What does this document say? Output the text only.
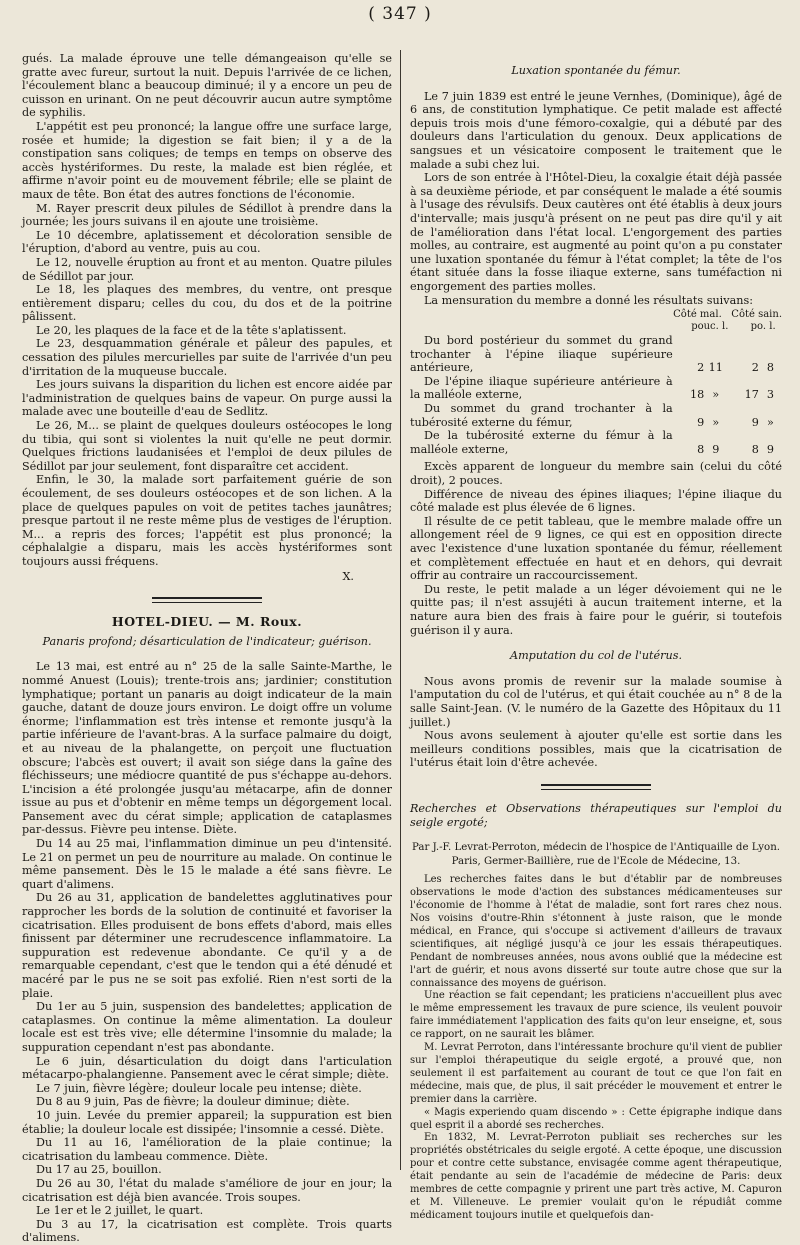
( 347 )

gués. La malade éprouve une telle démangeaison qu'elle se gratte avec fureur, surtout la nuit. Depuis l'arrivée de ce lichen, l'écoulement blanc a beaucoup diminué; il y a encore un peu de cuisson en urinant. On ne peut découvrir aucun autre symptôme de syphilis.

L'appétit est peu prononcé; la langue offre une surface large, rosée et humide; la digestion se fait bien; il y a de la constipation sans coliques; de temps en temps on observe des accès hystériformes. Du reste, la malade est bien réglée, et affirme n'avoir point eu de mouvement fébrile; elle se plaint de maux de tête. Bon état des autres fonctions de l'économie.

M. Rayer prescrit deux pilules de Sédillot à prendre dans la journée; les jours suivans il en ajoute une troisième.

Le 10 décembre, aplatissement et décoloration sensible de l'éruption, d'abord au ventre, puis au cou.

Le 12, nouvelle éruption au front et au menton. Quatre pilules de Sédillot par jour.

Le 18, les plaques des membres, du ventre, ont presque entièrement disparu; celles du cou, du dos et de la poitrine pâlissent.

Le 20, les plaques de la face et de la tête s'aplatissent.

Le 23, desquammation générale et pâleur des papules, et cessation des pilules mercurielles par suite de l'arrivée d'un peu d'irritation de la muqueuse buccale.

Les jours suivans la disparition du lichen est encore aidée par l'administration de quelques bains de vapeur. On purge aussi la malade avec une bouteille d'eau de Sedlitz.

Le 26, M... se plaint de quelques douleurs ostéocopes le long du tibia, qui sont si violentes la nuit qu'elle ne peut dormir. Quelques frictions laudanisées et l'emploi de deux pilules de Sédillot par jour seulement, font disparaître cet accident.

Enfin, le 30, la malade sort parfaitement guérie de son écoulement, de ses douleurs ostéocopes et de son lichen. A la place de quelques papules on voit de petites taches jaunâtres; presque partout il ne reste même plus de vestiges de l'éruption. M... a repris des forces; l'appétit est plus prononcé; la céphalalgie a disparu, mais les accès hystériformes sont toujours aussi fréquens.

X.
HOTEL-DIEU. — M. Roux.
Panaris profond; désarticulation de l'indicateur; guérison.

Le 13 mai, est entré au n° 25 de la salle Sainte-Marthe, le nommé Anuest (Louis); trente-trois ans; jardinier; constitution lymphatique; portant un panaris au doigt indicateur de la main gauche, datant de douze jours environ. Le doigt offre un volume énorme; l'inflammation est très intense et remonte jusqu'à la partie inférieure de l'avant-bras. A la surface palmaire du doigt, et au niveau de la phalangette, on perçoit une fluctuation obscure; l'abcès est ouvert; il avait son siége dans la gaîne des fléchisseurs; une médiocre quantité de pus s'échappe au-dehors. L'incision a été prolongée jusqu'au métacarpe, afin de donner issue au pus et d'obtenir en même temps un dégorgement local. Pansement avec du cérat simple; application de cataplasmes par-dessus. Fièvre peu intense. Diète.

Du 14 au 25 mai, l'inflammation diminue un peu d'intensité. Le 21 on permet un peu de nourriture au malade. On continue le même pansement. Dès le 15 le malade a été sans fièvre. Le quart d'alimens.

Du 26 au 31, application de bandelettes agglutinatives pour rapprocher les bords de la solution de continuité et favoriser la cicatrisation. Elles produisent de bons effets d'abord, mais elles finissent par déterminer une recrudescence inflammatoire. La suppuration est redevenue abondante. Ce qu'il y a de remarquable cependant, c'est que le tendon qui a été dénudé et macéré par le pus ne se soit pas exfolié. Rien n'est sorti de la plaie.

Du 1er au 5 juin, suspension des bandelettes; application de cataplasmes. On continue la même alimentation. La douleur locale est est très vive; elle détermine l'insomnie du malade; la suppuration cependant n'est pas abondante.

Le 6 juin, désarticulation du doigt dans l'articulation métacarpo-phalangienne. Pansement avec le cérat simple; diète.

Le 7 juin, fièvre légère; douleur locale peu intense; diète.

Du 8 au 9 juin, Pas de fièvre; la douleur diminue; diète.

10 juin. Levée du premier appareil; la suppuration est bien établie; la douleur locale est dissipée; l'insomnie a cessé. Diète.

Du 11 au 16, l'amélioration de la plaie continue; la cicatrisation du lambeau commence. Diète.

Du 17 au 25, bouillon.

Du 26 au 30, l'état du malade s'améliore de jour en jour; la cicatrisation est déjà bien avancée. Trois soupes.

Le 1er et le 2 juillet, le quart.

Du 3 au 17, la cicatrisation est complète. Trois quarts d'alimens.

Luxation spontanée du fémur.

Le 7 juin 1839 est entré le jeune Vernhes, (Dominique), âgé de 6 ans, de constitution lymphatique. Ce petit malade est affecté depuis trois mois d'une fémoro-coxalgie, qui a débuté par des douleurs dans l'articulation du genoux. Deux applications de sangsues et un vésicatoire composent le traitement que le malade a subi chez lui.

Lors de son entrée à l'Hôtel-Dieu, la coxalgie était déjà passée à sa deuxième période, et par conséquent le malade a été soumis à l'usage des révulsifs. Deux cautères ont été établis à deux jours d'intervalle; mais jusqu'à présent on ne peut pas dire qu'il y ait de l'amélioration dans l'état local. L'engorgement des parties molles, au contraire, est augmenté au point qu'on a pu constater une luxation spontanée du fémur à l'état complet; la tête de l'os étant située dans la fosse iliaque externe, sans tuméfaction ni engorgement des parties molles.

La mensuration du membre a donné les résultats suivans:

Côté mal. Côté sain.
pouc. l. po. l.
Du bord postérieur du sommet du grand trochanter à l'épine iliaque supérieure antérieure,	2	11	2	8
De l'épine iliaque supérieure antérieure à la malléole externe,	18	»	17	3
Du sommet du grand trochanter à la tubérosité externe du fémur,	9	»	9	»
De la tubérosité externe du fémur à la malléole externe,	8	9	8	9

Excès apparent de longueur du membre sain (celui du côté droit), 2 pouces.

Différence de niveau des épines iliaques; l'épine iliaque du côté malade est plus élevée de 6 lignes.

Il résulte de ce petit tableau, que le membre malade offre un allongement réel de 9 lignes, ce qui est en opposition directe avec l'existence d'une luxation spontanée du fémur, réellement et complètement effectuée en haut et en dehors, qui devrait offrir au contraire un raccourcissement.

Du reste, le petit malade a un léger dévoiement qui ne le quitte pas; il n'est assujéti à aucun traitement interne, et la nature aura bien des frais à faire pour le guérir, si toutefois guérison il y aura.

Amputation du col de l'utérus.

Nous avons promis de revenir sur la malade soumise à l'amputation du col de l'utérus, et qui était couchée au n° 8 de la salle Saint-Jean. (V. le numéro de la Gazette des Hôpitaux du 11 juillet.)

Nous avons seulement à ajouter qu'elle est sortie dans les meilleurs conditions possibles, mais que la cicatrisation de l'utérus était loin d'être achevée.

Recherches et Observations thérapeutiques sur l'emploi du seigle ergoté;
Par J.-F. Levrat-Perroton, médecin de l'hospice de l'Antiquaille de Lyon. Paris, Germer-Baillière, rue de l'Ecole de Médecine, 13.

Les recherches faites dans le but d'établir par de nombreuses observations le mode d'action des substances médicamenteuses sur l'économie de l'homme à l'état de maladie, sont fort rares chez nous. Nos voisins d'outre-Rhin s'étonnent à juste raison, que le monde médical, en France, qui s'occupe si activement d'ailleurs de travaux scientifiques, ait négligé jusqu'à ce jour les essais thérapeutiques. Pendant de nombreuses années, nous avons oublié que la médecine est l'art de guérir, et nous avons disserté sur toute autre chose que sur la connaissance des moyens de guérison.

Une réaction se fait cependant; les praticiens n'accueillent plus avec le même empressement les travaux de pure science, ils veulent pouvoir faire immédiatement l'application des faits qu'on leur enseigne, et, sous ce rapport, on ne saurait les blâmer.

M. Levrat Perroton, dans l'intéressante brochure qu'il vient de publier sur l'emploi thérapeutique du seigle ergoté, a prouvé que, non seulement il est parfaitement au courant de tout ce que l'on fait en médecine, mais que, de plus, il sait précéder le mouvement et entrer le premier dans la carrière.

« Magis experiendo quam discendo » : Cette épigraphe indique dans quel esprit il a abordé ses recherches.

En 1832, M. Levrat-Perroton publiait ses recherches sur les propriétés obstétricales du seigle ergoté. A cette époque, une discussion pour et contre cette substance, envisagée comme agent thérapeutique, était pendante au sein de l'académie de médecine de Paris: deux membres de cette compagnie y prirent une part très active, M. Capuron et M. Villeneuve. Le premier voulait qu'on le répudiât comme médicament toujours inutile et quelquefois dan-
